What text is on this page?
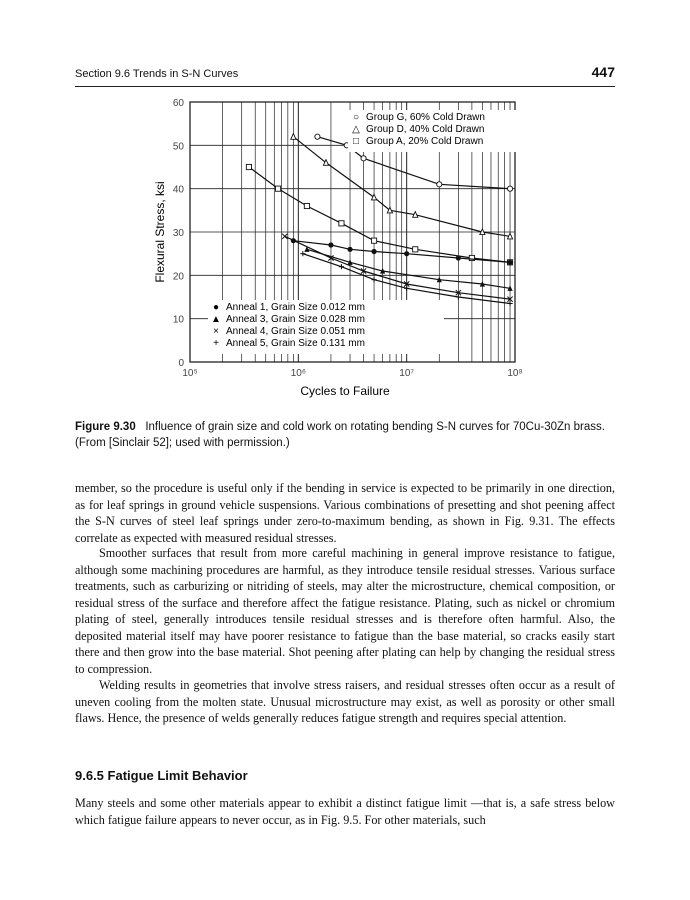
Section 9.6 Trends in S-N Curves	447
0
10
20
30
40
50
60
10⁵	10⁶	10⁷	10⁸
○ Group G, 60% Cold Drawn
△ Group D, 40% Cold Drawn
□ Group A, 20% Cold Drawn
● Anneal 1, Grain Size 0.012 mm
▲ Anneal 3, Grain Size 0.028 mm
× Anneal 4, Grain Size 0.051 mm
+ Anneal 5, Grain Size 0.131 mm
Flexural Stress, ksi
Cycles to Failure
Figure 9.30 Influence of grain size and cold work on rotating bending S-N curves for 70Cu-30Zn brass. (From [Sinclair 52]; used with permission.)

member, so the procedure is useful only if the bending in service is expected to be primarily in one direction, as for leaf springs in ground vehicle suspensions. Various combinations of presetting and shot peening affect the S-N curves of steel leaf springs under zero-to-maximum bending, as shown in Fig. 9.31. The effects correlate as expected with measured residual stresses.

Smoother surfaces that result from more careful machining in general improve resistance to fatigue, although some machining procedures are harmful, as they introduce tensile residual stresses. Various surface treatments, such as carburizing or nitriding of steels, may alter the microstructure, chemical composition, or residual stress of the surface and therefore affect the fatigue resistance. Plating, such as nickel or chromium plating of steel, generally introduces tensile residual stresses and is therefore often harmful. Also, the deposited material itself may have poorer resistance to fatigue than the base material, so cracks easily start there and then grow into the base material. Shot peening after plating can help by changing the residual stress to compression.

Welding results in geometries that involve stress raisers, and residual stresses often occur as a result of uneven cooling from the molten state. Unusual microstructure may exist, as well as porosity or other small flaws. Hence, the presence of welds generally reduces fatigue strength and requires special attention.

9.6.5 Fatigue Limit Behavior

Many steels and some other materials appear to exhibit a distinct fatigue limit —that is, a safe stress below which fatigue failure appears to never occur, as in Fig. 9.5. For other materials, such
